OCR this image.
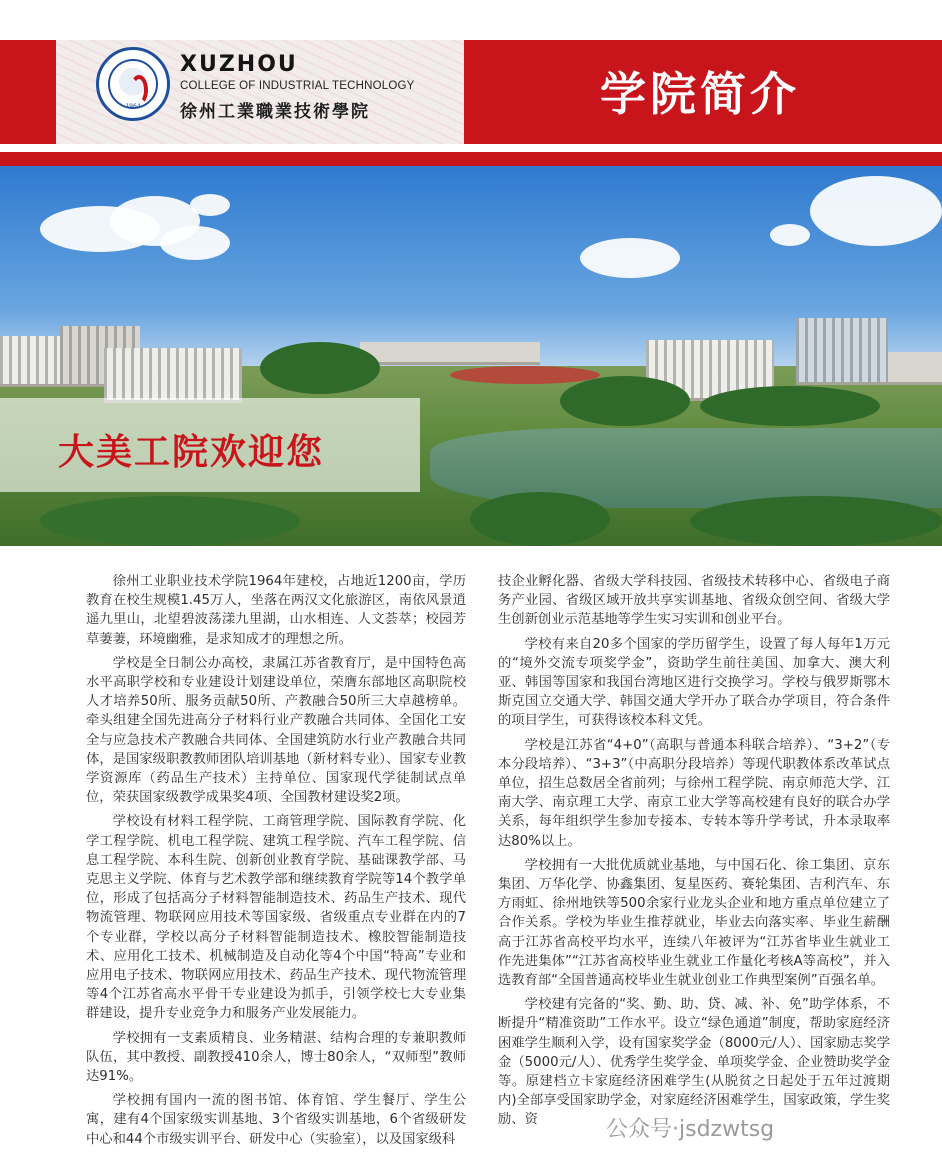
1964
XUZHOU
COLLEGE OF INDUSTRIAL TECHNOLOGY
徐州工業職業技術學院	学院简介
大美工院欢迎您

徐州工业职业技术学院1964年建校，占地近1200亩，学历教育在校生规模1.45万人，坐落在两汉文化旅游区，南依风景逍遥九里山，北望碧波荡漾九里湖，山水相连、人文荟萃；校园芳草萋萋，环境幽雅，是求知成才的理想之所。

学校是全日制公办高校，隶属江苏省教育厅，是中国特色高水平高职学校和专业建设计划建设单位，荣膺东部地区高职院校人才培养50所、服务贡献50所、产教融合50所三大卓越榜单。牵头组建全国先进高分子材料行业产教融合共同体、全国化工安全与应急技术产教融合共同体、全国建筑防水行业产教融合共同体，是国家级职教教师团队培训基地（新材料专业）、国家专业教学资源库（药品生产技术）主持单位、国家现代学徒制试点单位，荣获国家级教学成果奖4项、全国教材建设奖2项。

学校设有材料工程学院、工商管理学院、国际教育学院、化学工程学院、机电工程学院、建筑工程学院、汽车工程学院、信息工程学院、本科生院、创新创业教育学院、基础课教学部、马克思主义学院、体育与艺术教学部和继续教育学院等14个教学单位，形成了包括高分子材料智能制造技术、药品生产技术、现代物流管理、物联网应用技术等国家级、省级重点专业群在内的7个专业群，学校以高分子材料智能制造技术、橡胶智能制造技术、应用化工技术、机械制造及自动化等4个中国“特高”专业和应用电子技术、物联网应用技术、药品生产技术、现代物流管理等4个江苏省高水平骨干专业建设为抓手，引领学校七大专业集群建设，提升专业竞争力和服务产业发展能力。

学校拥有一支素质精良、业务精湛、结构合理的专兼职教师队伍，其中教授、副教授410余人，博士80余人，“双师型”教师达91%。

学校拥有国内一流的图书馆、体育馆、学生餐厅、学生公寓，建有4个国家级实训基地、3个省级实训基地，6个省级研发中心和44个市级实训平台、研发中心（实验室），以及国家级科

技企业孵化器、省级大学科技园、省级技术转移中心、省级电子商务产业园、省级区域开放共享实训基地、省级众创空间、省级大学生创新创业示范基地等学生实习实训和创业平台。

学校有来自20多个国家的学历留学生，设置了每人每年1万元的“境外交流专项奖学金”，资助学生前往美国、加拿大、澳大利亚、韩国等国家和我国台湾地区进行交换学习。学校与俄罗斯鄂木斯克国立交通大学、韩国交通大学开办了联合办学项目，符合条件的项目学生，可获得该校本科文凭。

学校是江苏省“4+0”（高职与普通本科联合培养）、“3+2”（专本分段培养）、“3+3”（中高职分段培养）等现代职教体系改革试点单位，招生总数居全省前列；与徐州工程学院、南京师范大学、江南大学、南京理工大学、南京工业大学等高校建有良好的联合办学关系，每年组织学生参加专接本、专转本等升学考试，升本录取率达80%以上。

学校拥有一大批优质就业基地，与中国石化、徐工集团、京东集团、万华化学、协鑫集团、复星医药、赛轮集团、吉利汽车、东方雨虹、徐州地铁等500余家行业龙头企业和地方重点单位建立了合作关系。学校为毕业生推荐就业，毕业去向落实率、毕业生薪酬高于江苏省高校平均水平，连续八年被评为“江苏省毕业生就业工作先进集体”“江苏省高校毕业生就业工作量化考核A等高校”，并入选教育部“全国普通高校毕业生就业创业工作典型案例”百强名单。

学校建有完备的“奖、勤、助、贷、减、补、免”助学体系，不断提升“精准资助”工作水平。设立“绿色通道”制度，帮助家庭经济困难学生顺利入学，设有国家奖学金（8000元/人）、国家励志奖学金（5000元/人）、优秀学生奖学金、单项奖学金、企业赞助奖学金等。原建档立卡家庭经济困难学生(从脱贫之日起处于五年过渡期内)全部享受国家助学金，对家庭经济困难学生，国家政策，学生奖励、资	公众号·jsdzwtsg
